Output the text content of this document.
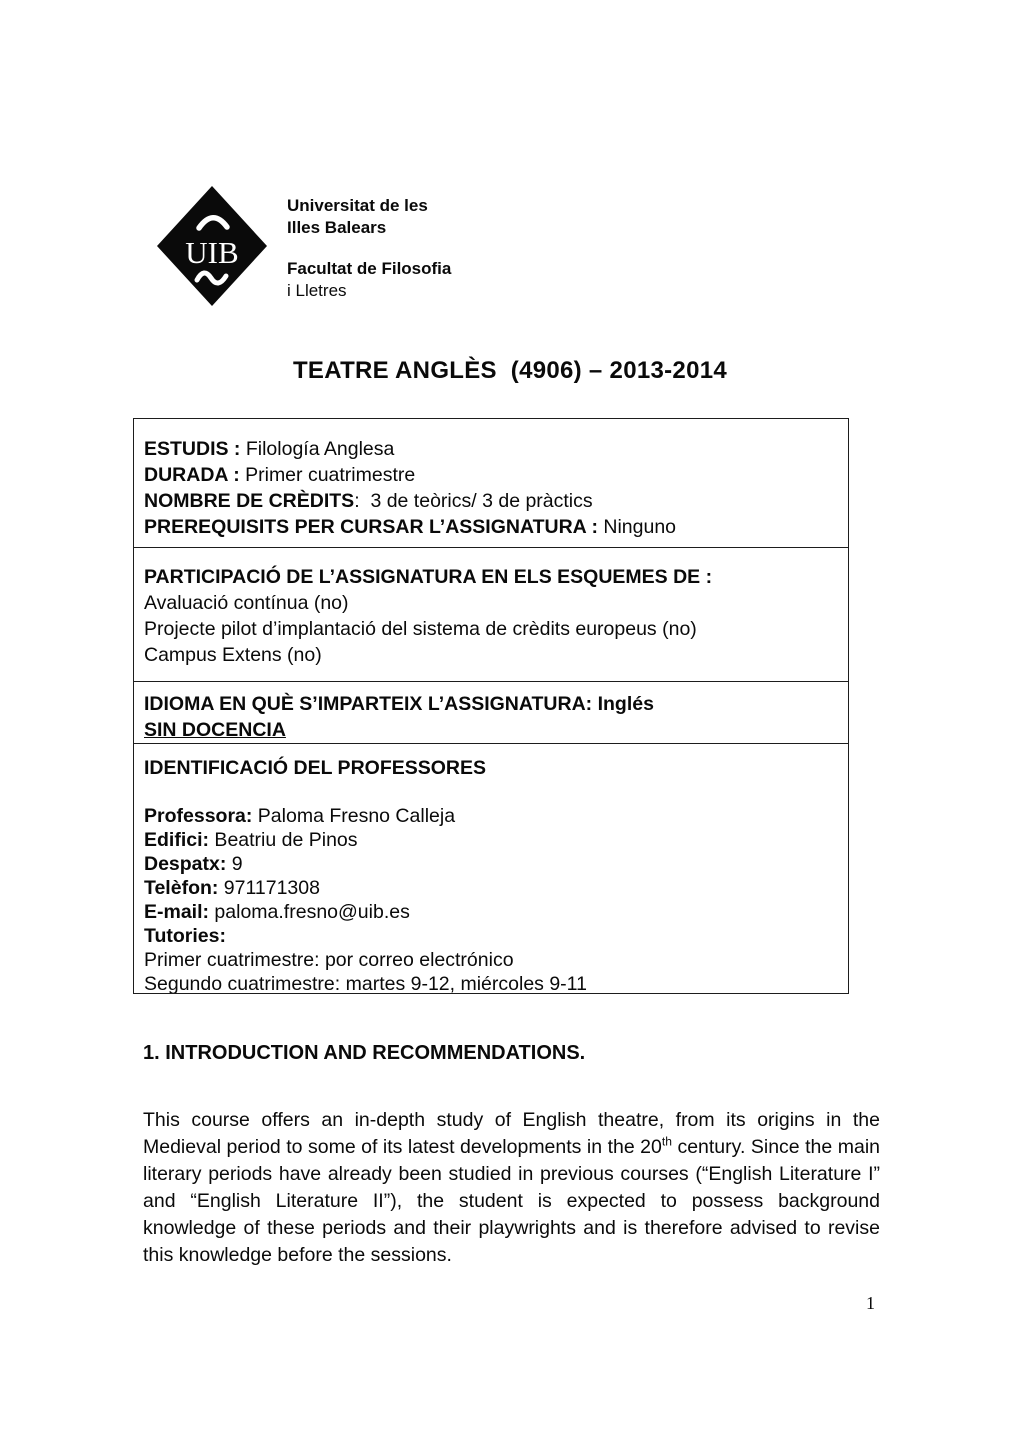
UIB
Universitat de les
Illes Balears
Facultat de Filosofia
i Lletres
TEATRE ANGLÈS  (4906) – 2013-2014
ESTUDIS : Filología Anglesa
DURADA : Primer cuatrimestre
NOMBRE DE CRÈDITS:  3 de teòrics/ 3 de pràctics
PREREQUISITS PER CURSAR L’ASSIGNATURA : Ninguno
PARTICIPACIÓ DE L’ASSIGNATURA EN ELS ESQUEMES DE :
Avaluació contínua (no)
Projecte pilot d’implantació del sistema de crèdits europeus (no)
Campus Extens (no)
IDIOMA EN QUÈ S’IMPARTEIX L’ASSIGNATURA: Inglés
SIN DOCENCIA
IDENTIFICACIÓ DEL PROFESSORES
Professora: Paloma Fresno Calleja
Edifici: Beatriu de Pinos
Despatx: 9
Telèfon: 971171308
E-mail: paloma.fresno@uib.es
Tutories:
Primer cuatrimestre: por correo electrónico
Segundo cuatrimestre: martes 9-12, miércoles 9-11
1. INTRODUCTION AND RECOMMENDATIONS.

This course offers an in-depth study of English theatre, from its origins in the Medieval period to some of its latest developments in the 20th century. Since the main literary periods have already been studied in previous courses (“English Literature I” and “English Literature II”), the student is expected to possess background knowledge of these periods and their playwrights and is therefore advised to revise this knowledge before the sessions.

1
